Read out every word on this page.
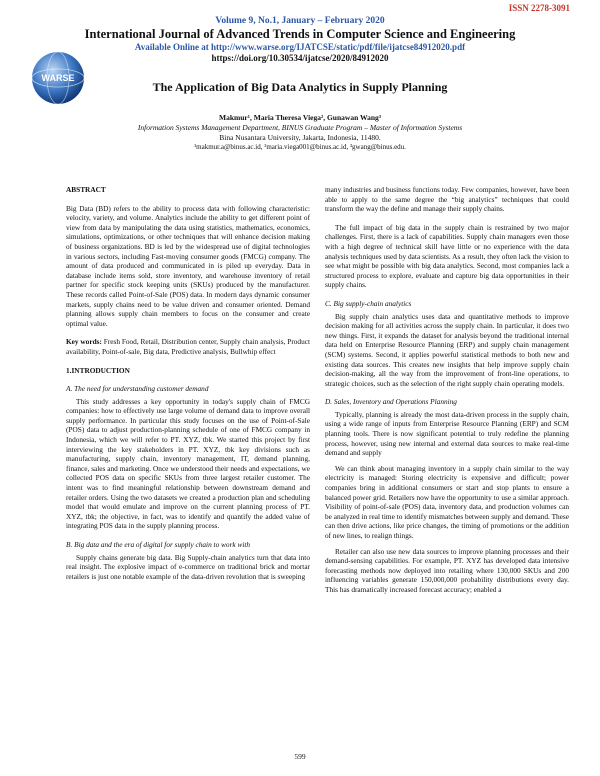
ISSN 2278-3091
Volume 9, No.1, January – February 2020
International Journal of Advanced Trends in Computer Science and Engineering
Available Online at http://www.warse.org/IJATCSE/static/pdf/file/ijatcse84912020.pdf
https://doi.org/10.30534/ijatcse/2020/84912020
WARSE
The Application of Big Data Analytics in Supply Planning
Makmur¹, Maria Theresa Viega², Gunawan Wang³
Information Systems Management Department, BINUS Graduate Program – Master of Information Systems
Bina Nusantara University, Jakarta, Indonesia, 11480.
¹makmur.a@binus.ac.id, ²maria.viega001@binus.ac.id, ³gwang@binus.edu.
ABSTRACT

Big Data (BD) refers to the ability to process data with following characteristic: velocity, variety, and volume. Analytics include the ability to get different point of view from data by manipulating the data using statistics, mathematics, economics, simulations, optimizations, or other techniques that will enhance decision making of business organizations. BD is led by the widespread use of digital technologies in various sectors, including Fast-moving consumer goods (FMCG) company. The amount of data produced and communicated in is piled up everyday. Data in database include items sold, store inventory, and warehouse inventory of retail partner for specific stock keeping units (SKUs) produced by the manufacturer. These records called Point-of-Sale (POS) data. In modern days dynamic consumer markets, supply chains need to be value driven and consumer oriented. Demand planning allows supply chain members to focus on the consumer and create optimal value.

Key words: Fresh Food, Retail, Distribution center, Supply chain analysis, Product availability, Point-of-sale, Big data, Predictive analysis, Bullwhip effect

1.INTRODUCTION
A. The need for understanding customer demand

This study addresses a key opportunity in today's supply chain of FMCG companies: how to effectively use large volume of demand data to improve overall supply performance. In particular this study focuses on the use of Point-of-Sale (POS) data to adjust production-planning schedule of one of FMCG company in Indonesia, which we will refer to PT. XYZ, tbk. We started this project by first interviewing the key stakeholders in PT. XYZ, tbk key divisions such as manufacturing, supply chain, inventory management, IT, demand planning, finance, sales and marketing. Once we understood their needs and expectations, we collected POS data on specific SKUs from three largest retailer customer. The intent was to find meaningful relationship between downstream demand and retailer orders. Using the two datasets we created a production plan and scheduling model that would emulate and improve on the current planning process of PT. XYZ, tbk; the objective, in fact, was to identify and quantify the added value of integrating POS data in the supply planning process.

B. Big data and the era of digital for supply chain to work with

Supply chains generate big data. Big Supply-chain analytics turn that data into real insight. The explosive impact of e-commerce on traditional brick and mortar retailers is just one notable example of the data-driven revolution that is sweeping

many industries and business functions today. Few companies, however, have been able to apply to the same degree the “big analytics” techniques that could transform the way the define and manage their supply chains.

The full impact of big data in the supply chain is restrained by two major challenges. First, there is a lack of capabilities. Supply chain managers even those with a high degree of technical skill have little or no experience with the data analysis techniques used by data scientists. As a result, they often lack the vision to see what might be possible with big data analytics. Second, most companies lack a structured process to explore, evaluate and capture big data opportunities in their supply chains.

C. Big supply-chain analytics

Big supply chain analytics uses data and quantitative methods to improve decision making for all activities across the supply chain. In particular, it does two new things. First, it expands the dataset for analysis beyond the traditional internal data held on Enterprise Resource Planning (ERP) and supply chain management (SCM) systems. Second, it applies powerful statistical methods to both new and existing data sources. This creates new insights that help improve supply chain decision-making, all the way from the improvement of front-line operations, to strategic choices, such as the selection of the right supply chain operating models.

D. Sales, Inventory and Operations Planning

Typically, planning is already the most data-driven process in the supply chain, using a wide range of inputs from Enterprise Resource Planning (ERP) and SCM planning tools. There is now significant potential to truly redefine the planning process, however, using new internal and external data sources to make real-time demand and supply

We can think about managing inventory in a supply chain similar to the way electricity is managed: Storing electricity is expensive and difficult; power companies bring in additional consumers or start and stop plants to ensure a balanced power grid. Retailers now have the opportunity to use a similar approach. Visibility of point-of-sale (POS) data, inventory data, and production volumes can be analyzed in real time to identify mismatches between supply and demand. These can then drive actions, like price changes, the timing of promotions or the addition of new lines, to realign things.

Retailer can also use new data sources to improve planning processes and their demand-sensing capabilities. For example, PT. XYZ has developed data intensive forecasting methods now deployed into retailing where 130,000 SKUs and 200 influencing variables generate 150,000,000 probability distributions every day. This has dramatically increased forecast accuracy; enabled a

599
